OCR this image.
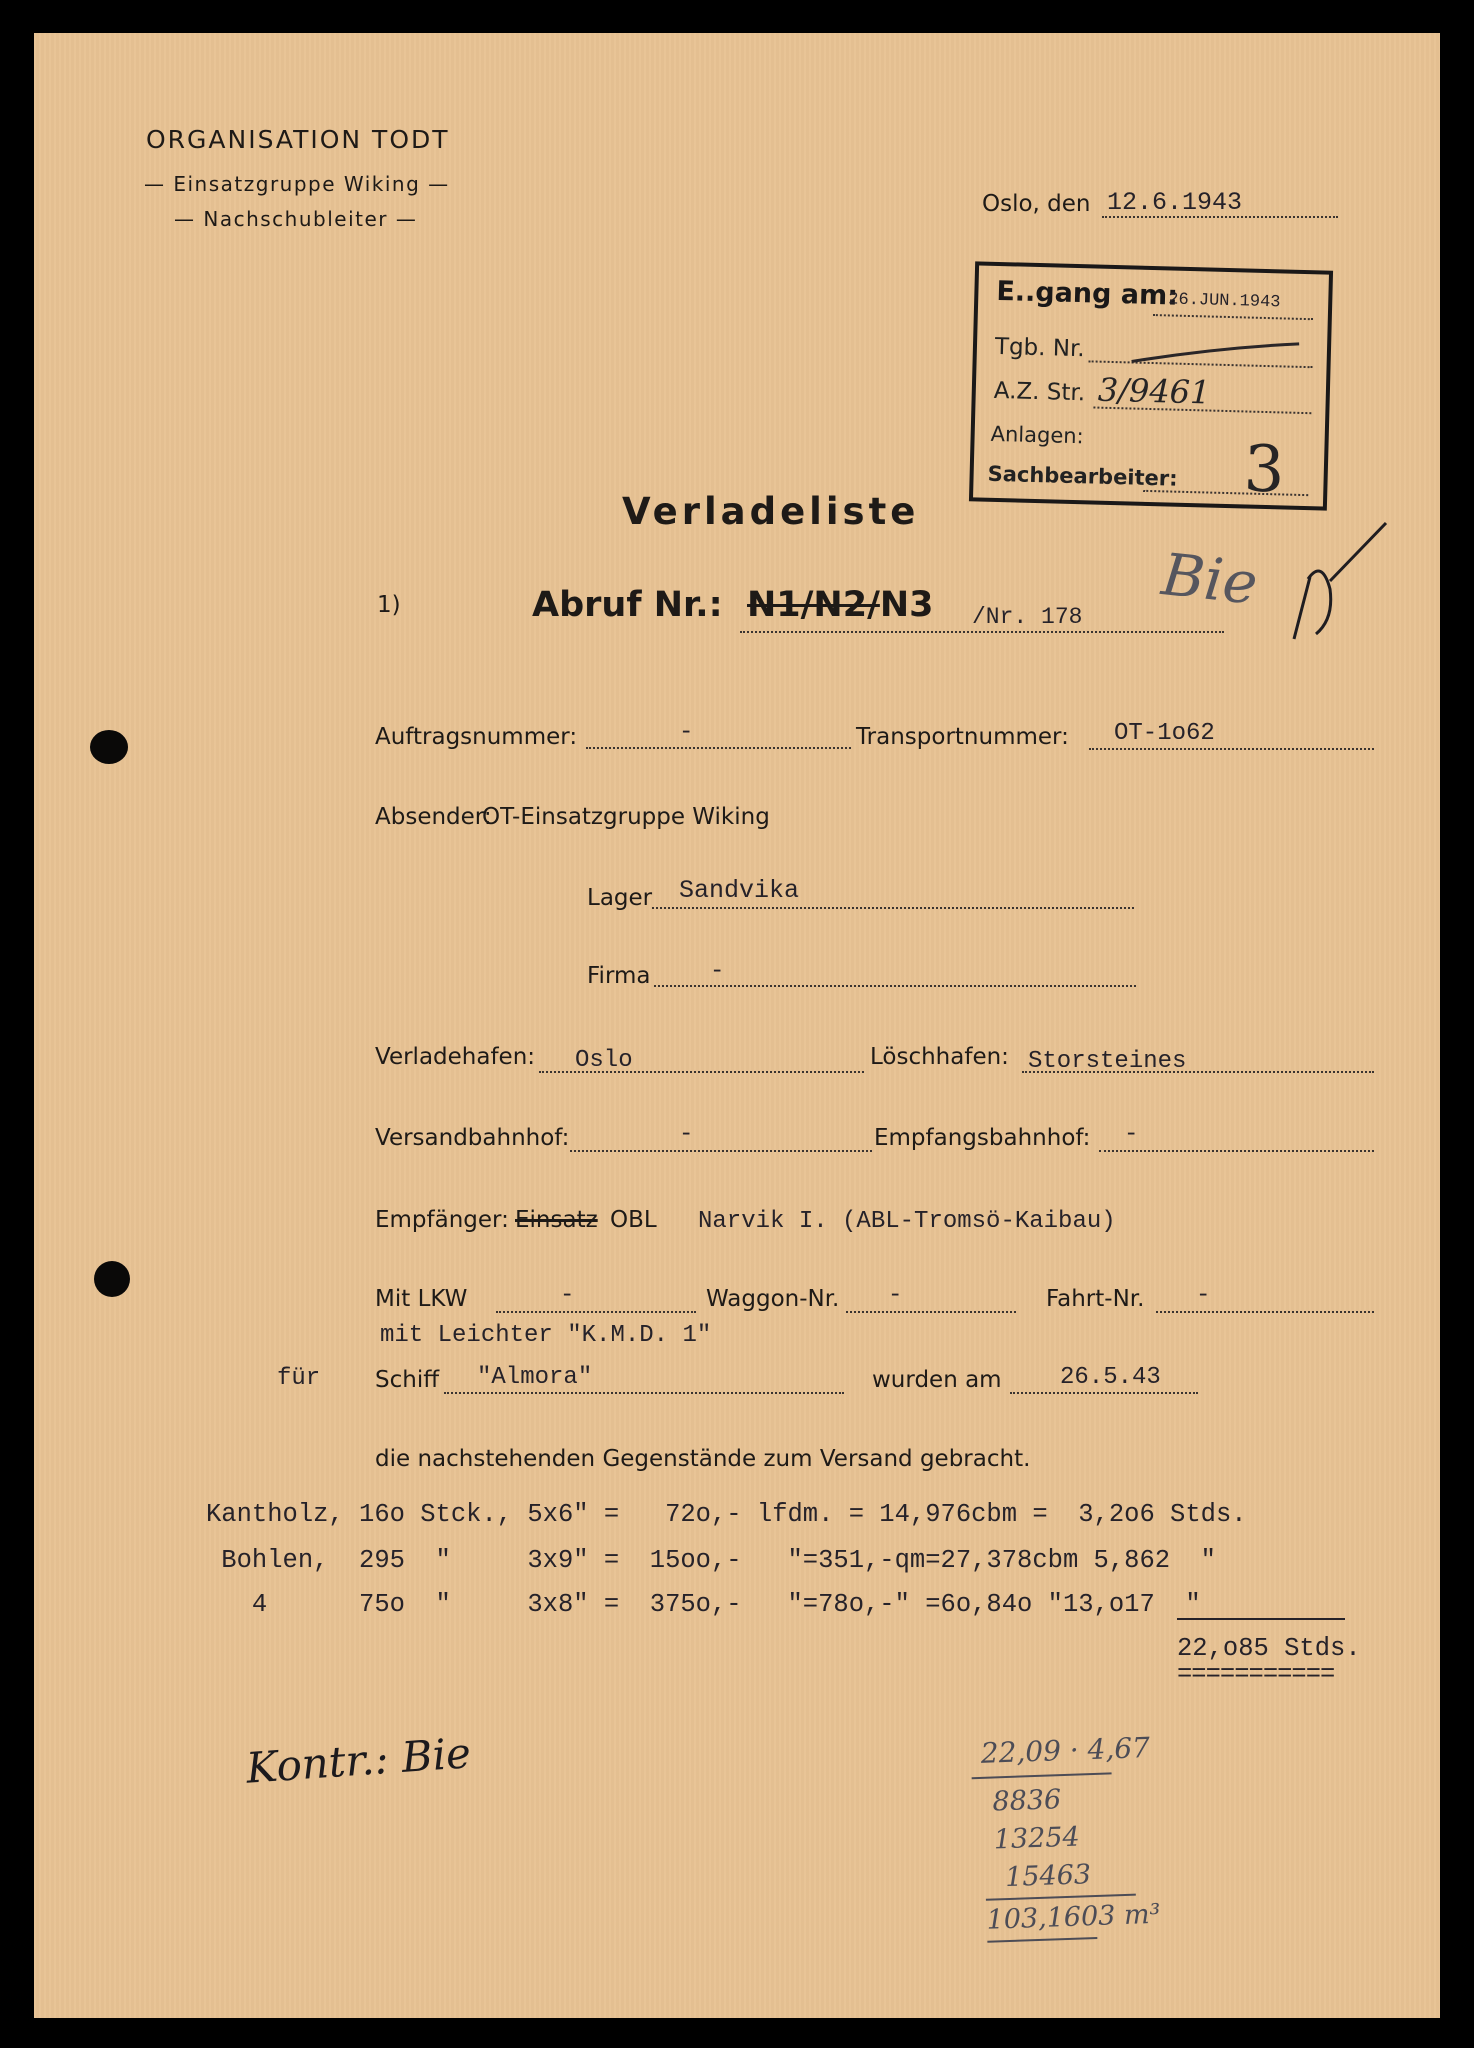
ORGANISATION TODT
— Einsatzgruppe Wiking —
— Nachschubleiter —
Oslo, den 12.6.1943
E..gang am:
26.JUN.1943
Tgb. Nr.
A.Z. Str. 3/9461
Anlagen:
Sachbearbeiter: 3
Verladeliste
Bie
1)	Abruf Nr.: N1/N2/N3 /Nr. 178
Auftragsnummer:	-	Transportnummer: OT-1o62
Absender:
OT-Einsatzgruppe Wiking
Lager Sandvika
Firma -
Verladehafen: Oslo	Löschhafen: Storsteines
Versandbahnhof:	-	Empfangsbahnhof: -
Empfänger: Einsatz OBL Narvik I. (ABL-Tromsö-Kaibau)
Mit LKW	-	Waggon-Nr. -	Fahrt-Nr. -
mit Leichter "K.M.D. 1"
für Schiff "Almora"	wurden am 26.5.43
die nachstehenden Gegenstände zum Versand gebracht.
Kantholz, 16o Stck., 5x6" =   72o,- lfdm. = 14,976cbm =  3,2o6 Stds.
Bohlen,  295  "     3x9" =  15oo,-   "=351,-qm=27,378cbm 5,862  "
4      75o  "     3x8" =  375o,-   "=78o,-" =6o,84o "13,o17  "
22,o85 Stds.
===========
Kontr.: Bie	22,09 · 4,67
8836
13254
15463
103,1603 m³
